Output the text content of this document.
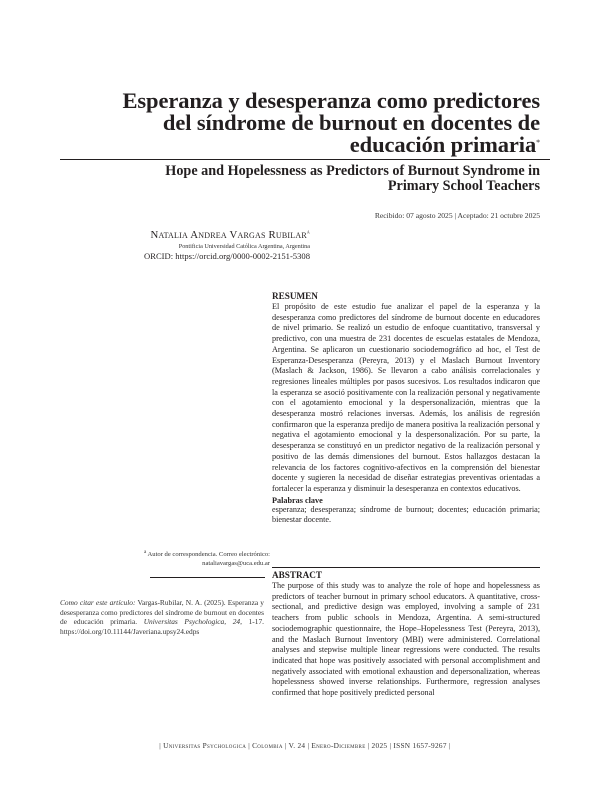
Esperanza y desesperanza como predictores
del síndrome de burnout en docentes de
educación primaria*
Hope and Hopelessness as Predictors of Burnout Syndrome in
Primary School Teachers
Recibido: 07 agosto 2025 | Aceptado: 21 octubre 2025
Natalia Andrea Vargas Rubilar$^a$
Pontificia Universidad Católica Argentina, Argentina
ORCID: https://orcid.org/0000-0002-2151-5308
RESUMEN
El propósito de este estudio fue analizar el papel de la esperanza y la desesperanza como predictores del síndrome de burnout docente en educadores de nivel primario. Se realizó un estudio de enfoque cuantitativo, transversal y predictivo, con una muestra de 231 docentes de escuelas estatales de Mendoza, Argentina. Se aplicaron un cuestionario sociodemográfico ad hoc, el Test de Esperanza-Desesperanza (Pereyra, 2013) y el Maslach Burnout Inventory (Maslach & Jackson, 1986). Se llevaron a cabo análisis correlacionales y regresiones lineales múltiples por pasos sucesivos. Los resultados indicaron que la esperanza se asoció positivamente con la realización personal y negativamente con el agotamiento emocional y la despersonalización, mientras que la desesperanza mostró relaciones inversas. Además, los análisis de regresión confirmaron que la esperanza predijo de manera positiva la realización personal y negativa el agotamiento emocional y la despersonalización. Por su parte, la desesperanza se constituyó en un predictor negativo de la realización personal y positivo de las demás dimensiones del burnout. Estos hallazgos destacan la relevancia de los factores cognitivo-afectivos en la comprensión del bienestar docente y sugieren la necesidad de diseñar estrategias preventivas orientadas a fortalecer la esperanza y disminuir la desesperanza en contextos educativos.
Palabras clave
esperanza; desesperanza; síndrome de burnout; docentes; educación primaria; bienestar docente.
$^a$ Autor de correspondencia. Correo electrónico: nataliavargas@uca.edu.ar
Como citar este artículo: Vargas-Rubilar, N. A. (2025). Esperanza y desesperanza como predictores del síndrome de burnout en docentes de educación primaria. Universitas Psychologica, 24, 1-17. https://doi.org/10.11144/Javeriana.upsy24.edps
ABSTRACT
The purpose of this study was to analyze the role of hope and hopelessness as predictors of teacher burnout in primary school educators. A quantitative, cross-sectional, and predictive design was employed, involving a sample of 231 teachers from public schools in Mendoza, Argentina. A semi-structured sociodemographic questionnaire, the Hope–Hopelessness Test (Pereyra, 2013), and the Maslach Burnout Inventory (MBI) were administered. Correlational analyses and stepwise multiple linear regressions were conducted. The results indicated that hope was positively associated with personal accomplishment and negatively associated with emotional exhaustion and depersonalization, whereas hopelessness showed inverse relationships. Furthermore, regression analyses confirmed that hope positively predicted personal
| Universitas Psychologica | Colombia | V. 24 | Enero-Diciembre | 2025 | ISSN 1657-9267 |
